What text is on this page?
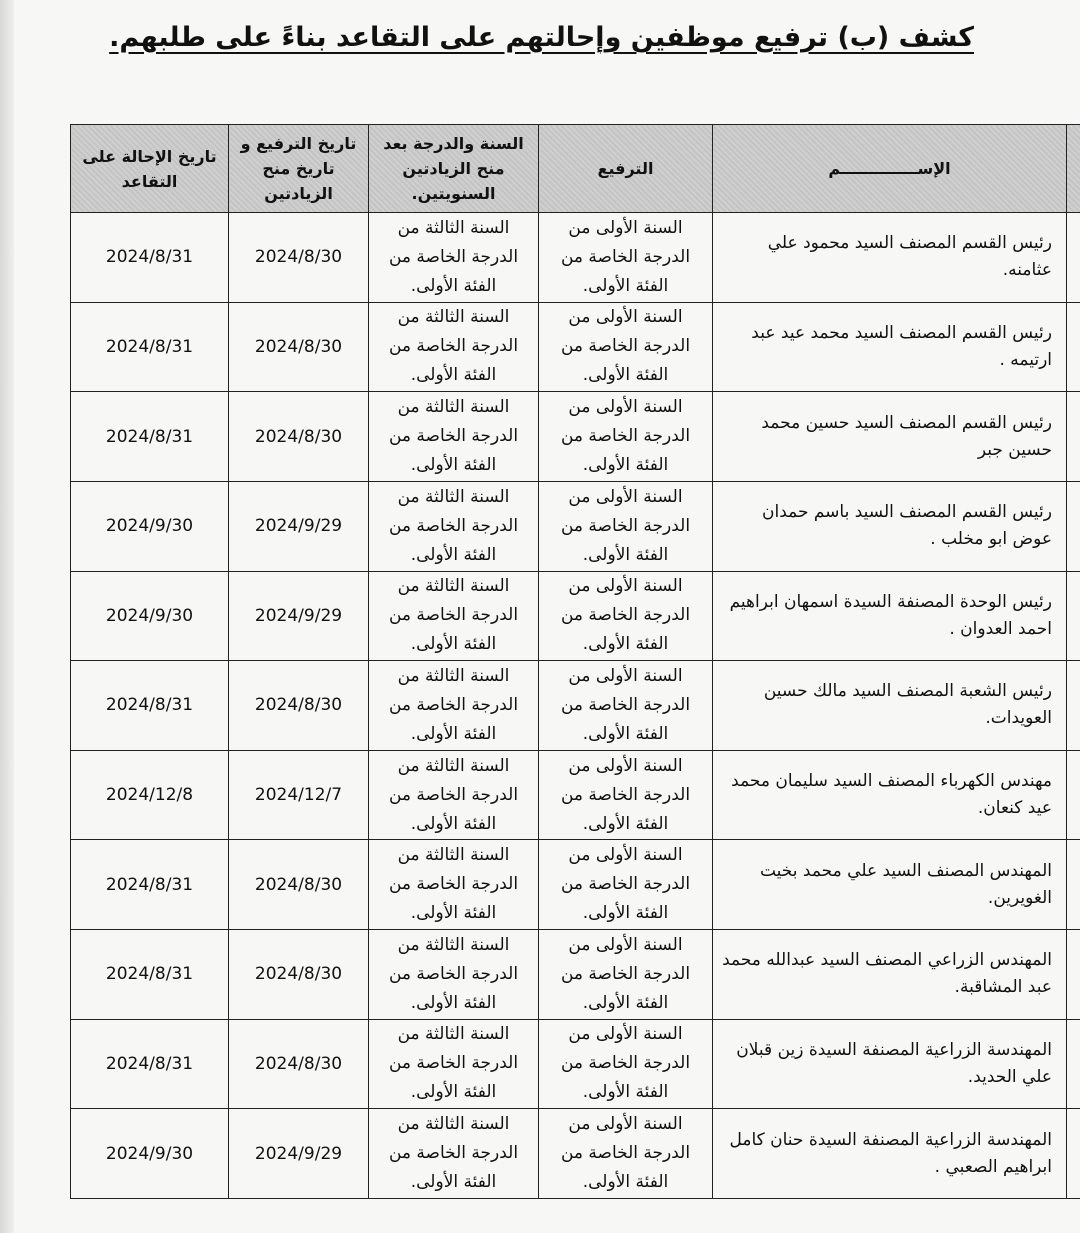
كشف (ب) ترفيع موظفين وإحالتهم على التقاعد بناءً على طلبهم.
	الإســــــــــــــم	الترفيع	السنة والدرجة بعد منح الزيادتين السنويتين.	تاريخ الترفيع و تاريخ منح الزيادتين	تاريخ الإحالة على التقاعد

	رئيس القسم المصنف السيد محمود علي عثامنه.	السنة الأولى من الدرجة الخاصة من الفئة الأولى.	السنة الثالثة من الدرجة الخاصة من الفئة الأولى.	2024/8/30	2024/8/31

	رئيس القسم المصنف السيد محمد عيد عبد ارتيمه .	السنة الأولى من الدرجة الخاصة من الفئة الأولى.	السنة الثالثة من الدرجة الخاصة من الفئة الأولى.	2024/8/30	2024/8/31

	رئيس القسم المصنف السيد حسين محمد حسين جبر	السنة الأولى من الدرجة الخاصة من الفئة الأولى.	السنة الثالثة من الدرجة الخاصة من الفئة الأولى.	2024/8/30	2024/8/31

	رئيس القسم المصنف السيد باسم حمدان عوض ابو مخلب .	السنة الأولى من الدرجة الخاصة من الفئة الأولى.	السنة الثالثة من الدرجة الخاصة من الفئة الأولى.	2024/9/29	2024/9/30

	رئيس الوحدة المصنفة السيدة اسمهان ابراهيم احمد العدوان .	السنة الأولى من الدرجة الخاصة من الفئة الأولى.	السنة الثالثة من الدرجة الخاصة من الفئة الأولى.	2024/9/29	2024/9/30

	رئيس الشعبة المصنف السيد مالك حسين العويدات.	السنة الأولى من الدرجة الخاصة من الفئة الأولى.	السنة الثالثة من الدرجة الخاصة من الفئة الأولى.	2024/8/30	2024/8/31

	مهندس الكهرباء المصنف السيد سليمان محمد عيد كنعان.	السنة الأولى من الدرجة الخاصة من الفئة الأولى.	السنة الثالثة من الدرجة الخاصة من الفئة الأولى.	2024/12/7	2024/12/8

	المهندس المصنف السيد علي محمد بخيت الغويرين.	السنة الأولى من الدرجة الخاصة من الفئة الأولى.	السنة الثالثة من الدرجة الخاصة من الفئة الأولى.	2024/8/30	2024/8/31

	المهندس الزراعي المصنف السيد عبدالله محمد عبد المشاقبة.	السنة الأولى من الدرجة الخاصة من الفئة الأولى.	السنة الثالثة من الدرجة الخاصة من الفئة الأولى.	2024/8/30	2024/8/31

	المهندسة الزراعية المصنفة السيدة زين قبلان علي الحديد.	السنة الأولى من الدرجة الخاصة من الفئة الأولى.	السنة الثالثة من الدرجة الخاصة من الفئة الأولى.	2024/8/30	2024/8/31

	المهندسة الزراعية المصنفة السيدة حنان كامل ابراهيم الصعبي .	السنة الأولى من الدرجة الخاصة من الفئة الأولى.	السنة الثالثة من الدرجة الخاصة من الفئة الأولى.	2024/9/29	2024/9/30
